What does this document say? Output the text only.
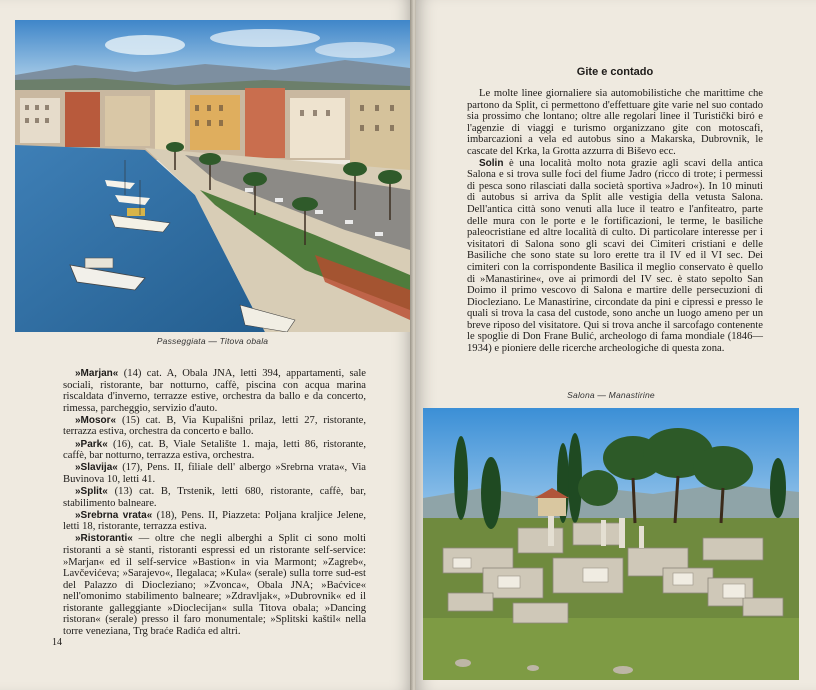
Passeggiata — Titova obala

»Marjan« (14) cat. A, Obala JNA, letti 394, appartamenti, sale sociali, ristorante, bar notturno, caffè, piscina con acqua marina riscaldata d'inverno, terrazze estive, orchestra da ballo e da concerto, rimessa, parcheggio, servizio d'auto.

»Mosor« (15) cat. B, Via Kupališni prilaz, letti 27, ristorante, terrazza estiva, orchestra da concerto e ballo.

»Park« (16), cat. B, Viale Setalište 1. maja, letti 86, ristorante, caffè, bar notturno, terrazza estiva, orchestra.

»Slavija« (17), Pens. II, filiale dell' albergo »Srebrna vrata«, Via Buvinova 10, letti 41.

»Split« (13) cat. B, Trstenik, letti 680, ristorante, caffè, bar, stabilimento balneare.

»Srebrna vrata« (18), Pens. II, Piazzeta: Poljana kraljice Jelene, letti 18, ristorante, terrazza estiva.

»Ristoranti« — oltre che negli alberghi a Split ci sono molti ristoranti a sè stanti, ristoranti espressi ed un ristorante self-service: »Marjan« ed il self-service »Bastion« in via Marmont; »Zagreb«, Lavčevićeva; »Sarajevo«, Ilegalaca; »Kula« (serale) sulla torre sud-est del Palazzo di Diocleziano; »Zvonca«, Obala JNA; »Baćvice« nell'omonimo stabilimento balneare; »Zdravljak«, »Dubrovnik« ed il ristorante galleggiante »Dioclecijan« sulla Titova obala; »Dancing ristoran« (serale) presso il faro monumentale; »Splitski kaštil« nella torre veneziana, Trg braće Radića ed altri.

14
Gite e contado

Le molte linee giornaliere sia automobilistiche che marittime che partono da Split, ci permettono d'effettuare gite varie nel suo contado sia prossimo che lontano; oltre alle regolari linee il Turistički biró e l'agenzie di viaggi e turismo organizzano gite con motoscafi, imbarcazioni a vela ed autobus sino a Makarska, Dubrovnik, le cascate del Krka, la Grotta azzurra di Biševo ecc.

Solin è una località molto nota grazie agli scavi della antica Salona e si trova sulle foci del fiume Jadro (ricco di trote; i permessi di pesca sono rilasciati dalla società sportiva »Jadro«). In 10 minuti di autobus si arriva da Split alle vestigia della vetusta Salona. Dell'antica città sono venuti alla luce il teatro e l'anfiteatro, parte delle mura con le porte e le fortificazioni, le terme, le basiliche paleocristiane ed altre località di culto. Di particolare interesse per i visitatori di Salona sono gli scavi dei Cimiteri cristiani e delle Basiliche che sono state su loro erette tra il IV ed il VI sec. Dei cimiteri con la corrispondente Basilica il meglio conservato è quello di »Manastirine«, ove ai primordi del IV sec. è stato sepolto San Doimo il primo vescovo di Salona e martire delle persecuzioni di Diocleziano. Le Manastirine, circondate da pini e cipressi e presso le quali si trova la casa del custode, sono anche un luogo ameno per un breve riposo del visitatore. Qui si trova anche il sarcofago contenente le spoglie di Don Frane Bulić, archeologo di fama mondiale (1846—1934) e pioniere delle ricerche archeologiche di questa zona.

Salona — Manastirine
